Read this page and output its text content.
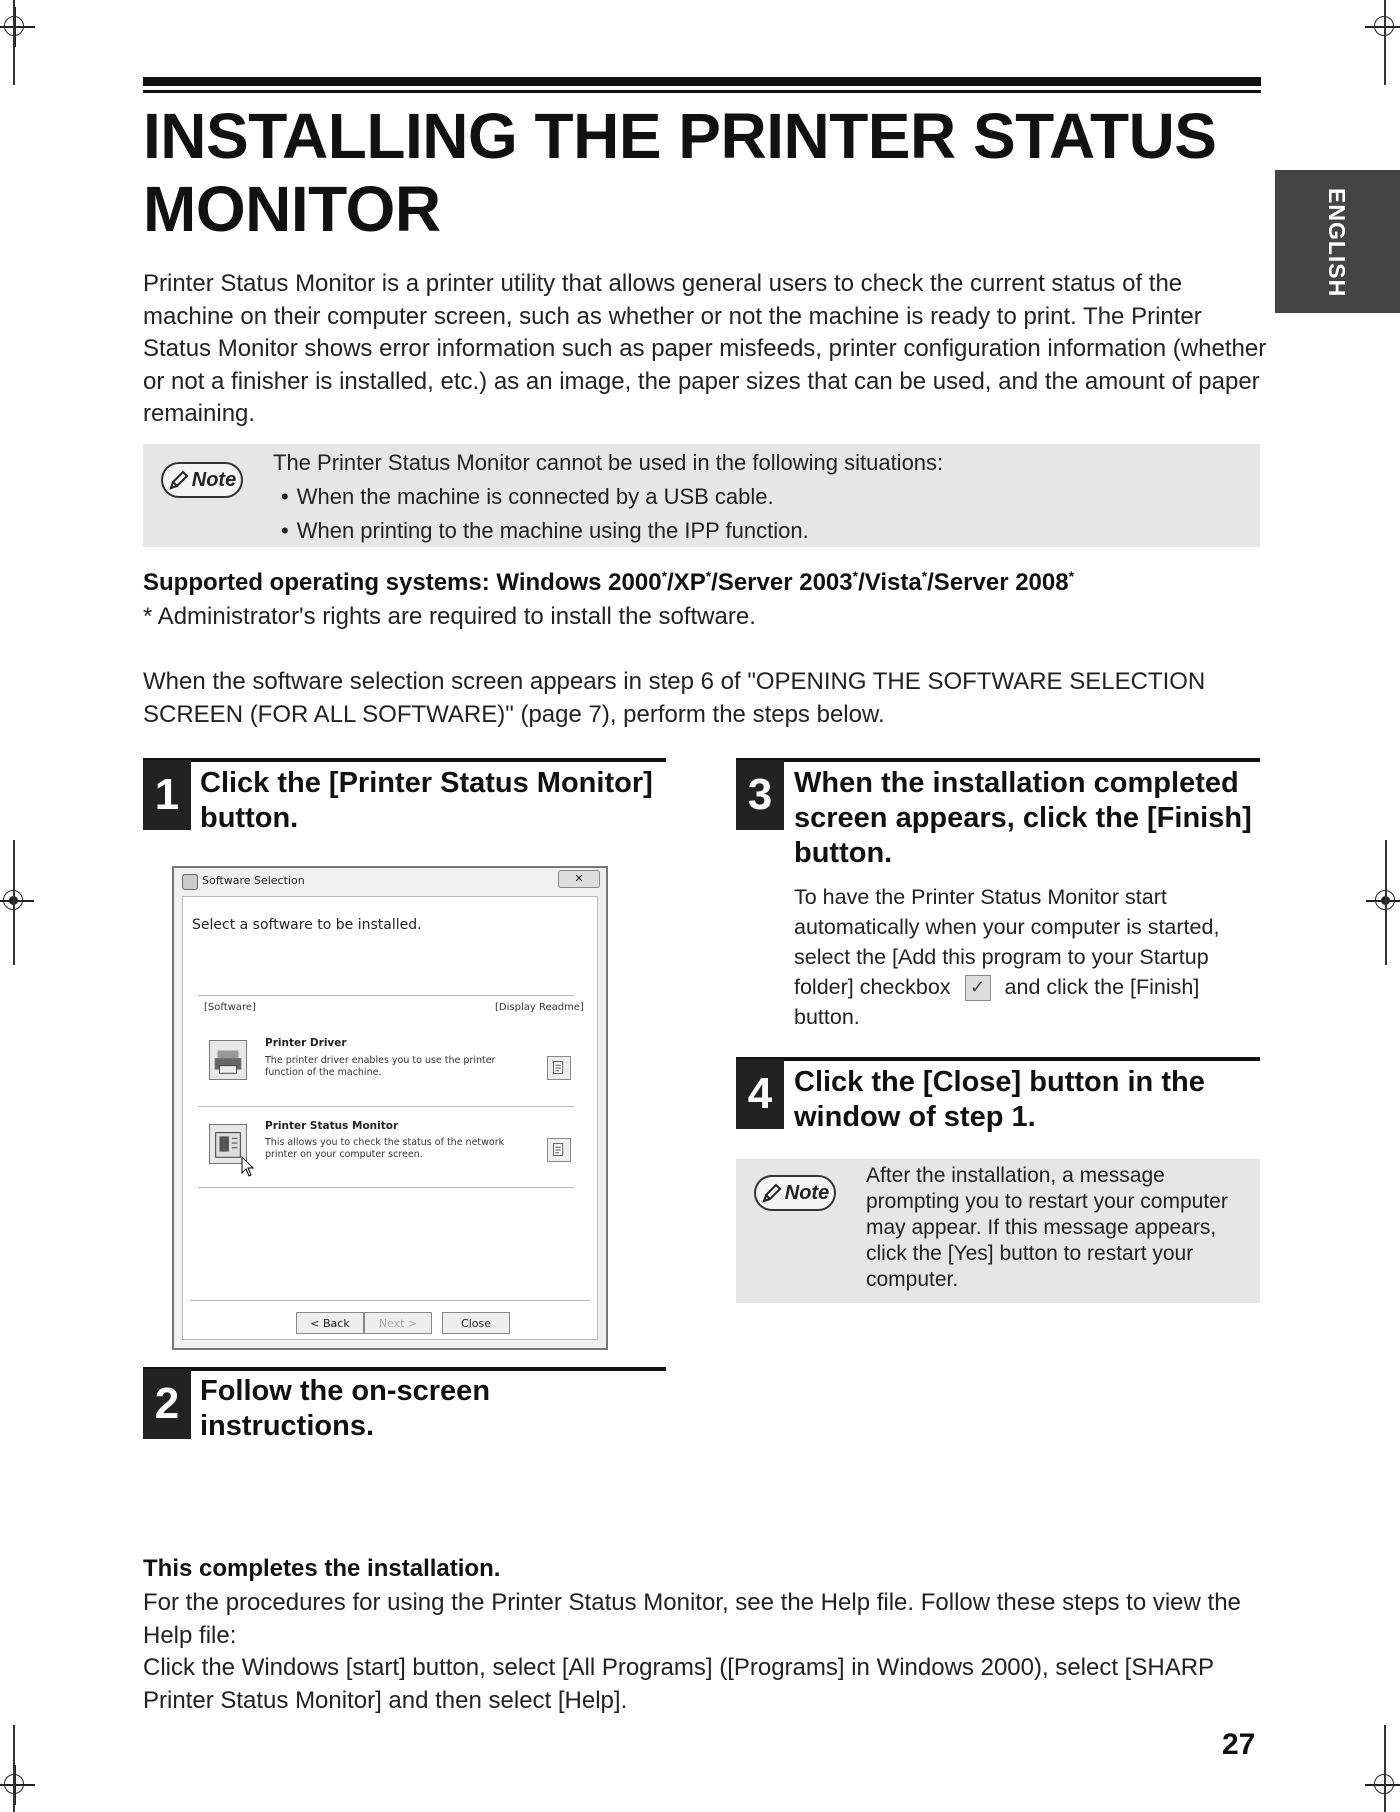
INSTALLING THE PRINTER STATUS MONITOR	ENGLISH

Printer Status Monitor is a printer utility that allows general users to check the current status of the machine on their computer screen, such as whether or not the machine is ready to print. The Printer Status Monitor shows error information such as paper misfeeds, printer configuration information (whether or not a finisher is installed, etc.) as an image, the paper sizes that can be used, and the amount of paper remaining.

Note
The Printer Status Monitor cannot be used in the following situations:
• When the machine is connected by a USB cable.
• When printing to the machine using the IPP function.
Supported operating systems: Windows 2000*/XP*/Server 2003*/Vista*/Server 2008*
* Administrator's rights are required to install the software.

When the software selection screen appears in step 6 of "OPENING THE SOFTWARE SELECTION SCREEN (FOR ALL SOFTWARE)" (page 7), perform the steps below.

1 Click the [Printer Status Monitor] button.
Software Selection	✕
Select a software to be installed.
[Software]	[Display Readme]
Printer Driver
The printer driver enables you to use the printer function of the machine.
Printer Status Monitor
This allows you to check the status of the network printer on your computer screen.
< Back	Next >	Close
2 Follow the on-screen instructions.
3 When the installation completed screen appears, click the [Finish] button.

To have the Printer Status Monitor start automatically when your computer is started, select the [Add this program to your Startup folder] checkbox ✓ and click the [Finish] button.

4 Click the [Close] button in the window of step 1.
Note
After the installation, a message prompting you to restart your computer may appear. If this message appears, click the [Yes] button to restart your computer.
This completes the installation.

For the procedures for using the Printer Status Monitor, see the Help file. Follow these steps to view the Help file:
Click the Windows [start] button, select [All Programs] ([Programs] in Windows 2000), select [SHARP Printer Status Monitor] and then select [Help].

27
